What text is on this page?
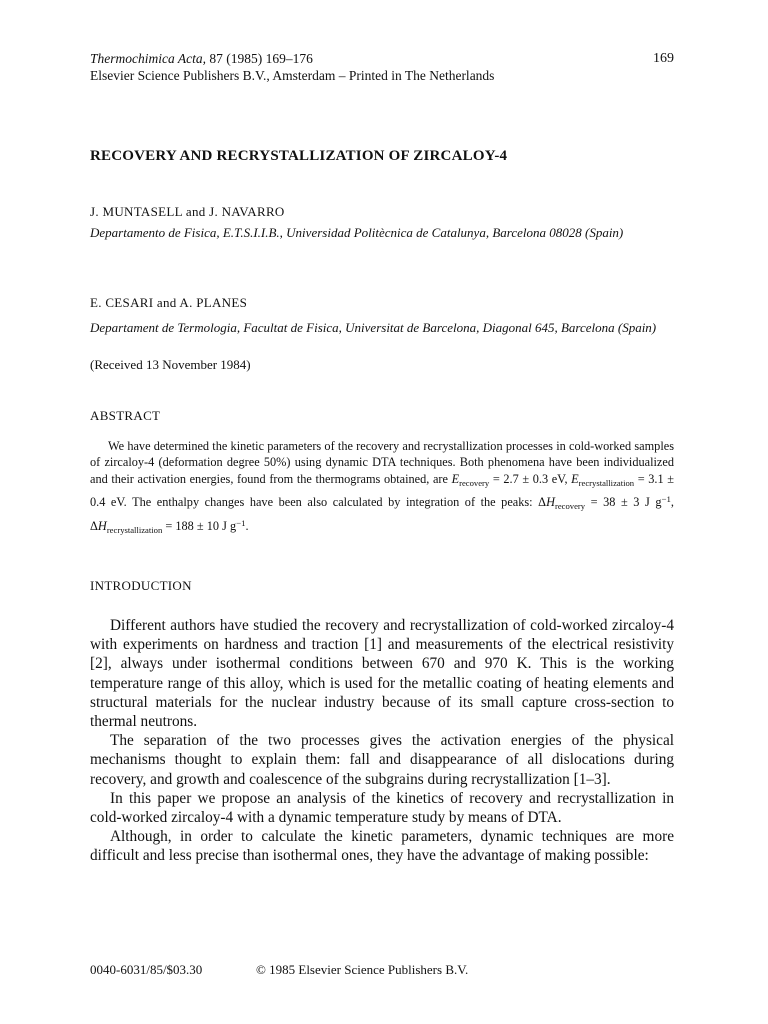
Thermochimica Acta, 87 (1985) 169–176
Elsevier Science Publishers B.V., Amsterdam – Printed in The Netherlands
169
RECOVERY AND RECRYSTALLIZATION OF ZIRCALOY-4
J. MUNTASELL and J. NAVARRO
Departamento de Fisica, E.T.S.I.I.B., Universidad Politècnica de Catalunya, Barcelona 08028 (Spain)
E. CESARI and A. PLANES
Departament de Termologia, Facultat de Fisica, Universitat de Barcelona, Diagonal 645, Barcelona (Spain)
(Received 13 November 1984)
ABSTRACT
We have determined the kinetic parameters of the recovery and recrystallization processes in cold-worked samples of zircaloy-4 (deformation degree 50%) using dynamic DTA techniques. Both phenomena have been individualized and their activation energies, found from the thermograms obtained, are $E_{recovery} = 2.7 \pm 0.3$ eV, $E_{recrystallization} = 3.1 \pm 0.4$ eV. The enthalpy changes have been also calculated by integration of the peaks: $\Delta H_{recovery} = 38 \pm 3$ J $g^{-1}$, $\Delta H_{recrystallization} = 188 \pm 10$ J $g^{-1}$.
INTRODUCTION

Different authors have studied the recovery and recrystallization of cold-worked zircaloy-4 with experiments on hardness and traction [1] and measurements of the electrical resistivity [2], always under isothermal conditions between 670 and 970 K. This is the working temperature range of this alloy, which is used for the metallic coating of heating elements and structural materials for the nuclear industry because of its small capture cross-section to thermal neutrons.

The separation of the two processes gives the activation energies of the physical mechanisms thought to explain them: fall and disappearance of all dislocations during recovery, and growth and coalescence of the subgrains during recrystallization [1–3].

In this paper we propose an analysis of the kinetics of recovery and recrystallization in cold-worked zircaloy-4 with a dynamic temperature study by means of DTA.

Although, in order to calculate the kinetic parameters, dynamic techniques are more difficult and less precise than isothermal ones, they have the advantage of making possible:

0040-6031/85/$03.30	© 1985 Elsevier Science Publishers B.V.
